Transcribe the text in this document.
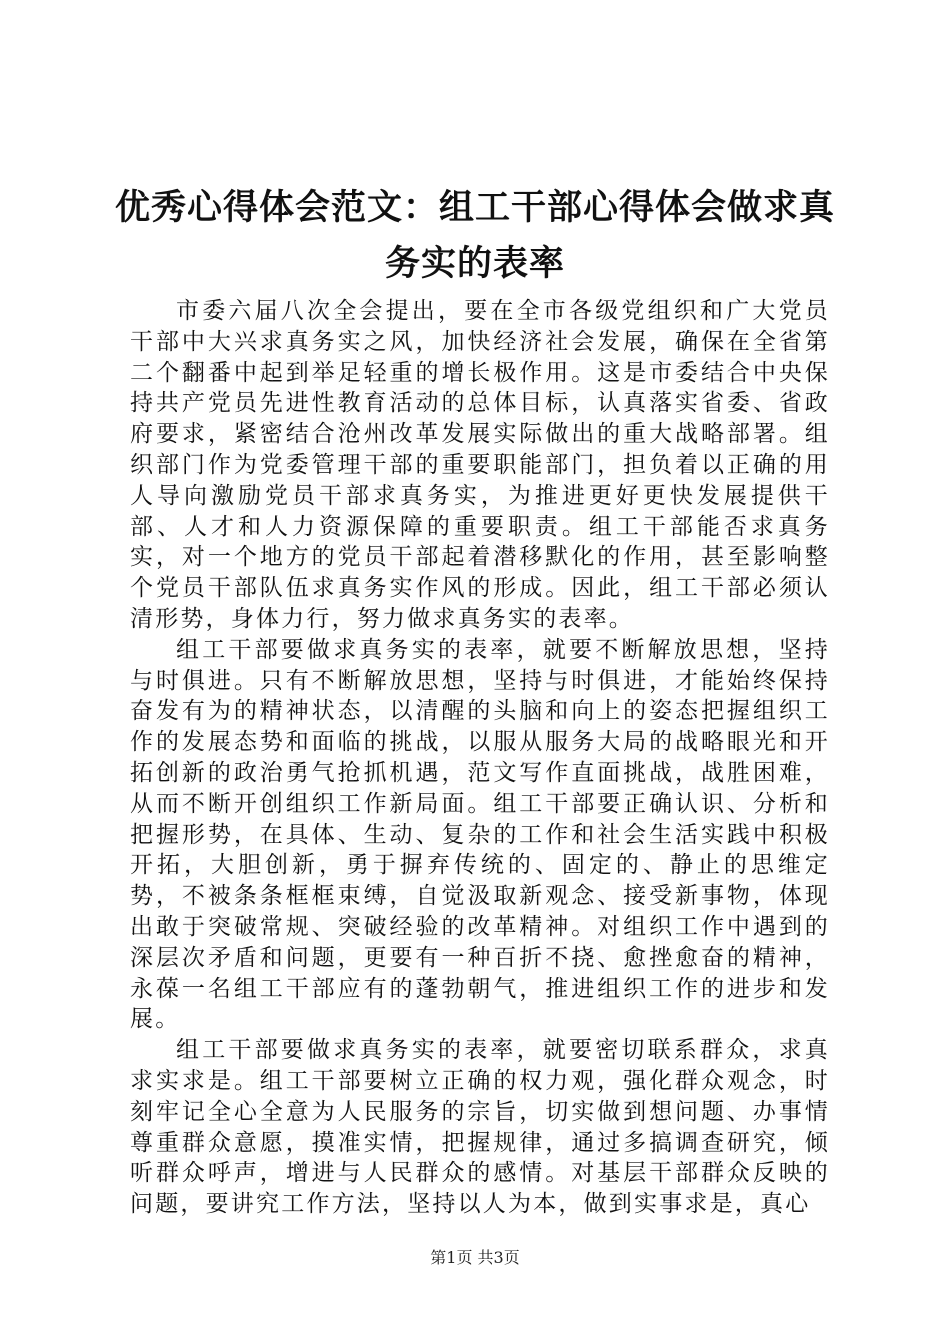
优秀心得体会范文：组工干部心得体会做求真务实的表率

市委六届八次全会提出，要在全市各级党组织和广大党员干部中大兴求真务实之风，加快经济社会发展，确保在全省第二个翻番中起到举足轻重的增长极作用。这是市委结合中央保持共产党员先进性教育活动的总体目标，认真落实省委、省政府要求，紧密结合沧州改革发展实际做出的重大战略部署。组织部门作为党委管理干部的重要职能部门，担负着以正确的用人导向激励党员干部求真务实，为推进更好更快发展提供干部、人才和人力资源保障的重要职责。组工干部能否求真务实，对一个地方的党员干部起着潜移默化的作用，甚至影响整个党员干部队伍求真务实作风的形成。因此，组工干部必须认清形势，身体力行，努力做求真务实的表率。

组工干部要做求真务实的表率，就要不断解放思想，坚持与时俱进。只有不断解放思想，坚持与时俱进，才能始终保持奋发有为的精神状态，以清醒的头脑和向上的姿态把握组织工作的发展态势和面临的挑战，以服从服务大局的战略眼光和开拓创新的政治勇气抢抓机遇，范文写作直面挑战，战胜困难，从而不断开创组织工作新局面。组工干部要正确认识、分析和把握形势，在具体、生动、复杂的工作和社会生活实践中积极开拓，大胆创新，勇于摒弃传统的、固定的、静止的思维定势，不被条条框框束缚，自觉汲取新观念、接受新事物，体现出敢于突破常规、突破经验的改革精神。对组织工作中遇到的深层次矛盾和问题，更要有一种百折不挠、愈挫愈奋的精神，永葆一名组工干部应有的蓬勃朝气，推进组织工作的进步和发展。

组工干部要做求真务实的表率，就要密切联系群众，求真求实求是。组工干部要树立正确的权力观，强化群众观念，时刻牢记全心全意为人民服务的宗旨，切实做到想问题、办事情尊重群众意愿，摸准实情，把握规律，通过多搞调查研究，倾听群众呼声，增进与人民群众的感情。对基层干部群众反映的问题，要讲究工作方法，坚持以人为本，做到实事求是，真心

第1页 共3页
